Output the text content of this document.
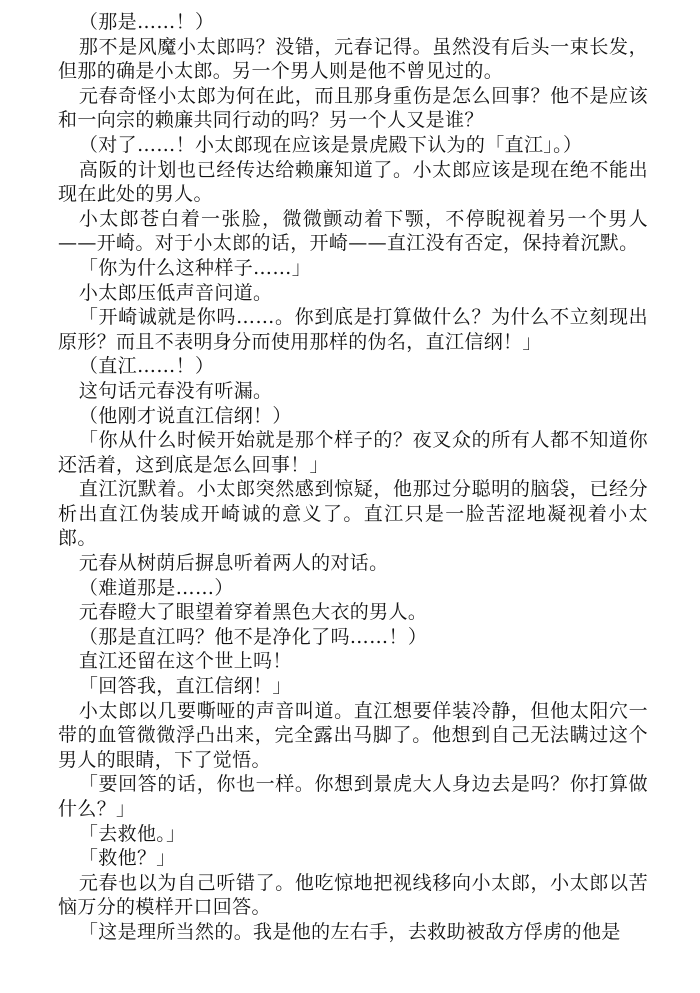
（那是……！）

那不是风魔小太郎吗？没错，元春记得。虽然没有后头一束长发，但那的确是小太郎。另一个男人则是他不曾见过的。

元春奇怪小太郎为何在此，而且那身重伤是怎么回事？他不是应该和一向宗的赖廉共同行动的吗？另一个人又是谁？

（对了……！小太郎现在应该是景虎殿下认为的「直江」。）

高阪的计划也已经传达给赖廉知道了。小太郎应该是现在绝不能出现在此处的男人。

小太郎苍白着一张脸，微微颤动着下颚，不停睨视着另一个男人——开崎。对于小太郎的话，开崎——直江没有否定，保持着沉默。

「你为什么这种样子……」

小太郎压低声音问道。

「开崎诚就是你吗……。你到底是打算做什么？为什么不立刻现出原形？而且不表明身分而使用那样的伪名，直江信纲！」

（直江……！）

这句话元春没有听漏。

（他刚才说直江信纲！）

「你从什么时候开始就是那个样子的？夜叉众的所有人都不知道你还活着，这到底是怎么回事！」

直江沉默着。小太郎突然感到惊疑，他那过分聪明的脑袋，已经分析出直江伪装成开崎诚的意义了。直江只是一脸苦涩地凝视着小太郎。

元春从树荫后摒息听着两人的对话。

（难道那是……）

元春瞪大了眼望着穿着黑色大衣的男人。

（那是直江吗？他不是净化了吗……！）

直江还留在这个世上吗！

「回答我，直江信纲！」

小太郎以几要嘶哑的声音叫道。直江想要佯装冷静，但他太阳穴一带的血管微微浮凸出来，完全露出马脚了。他想到自己无法瞒过这个男人的眼睛，下了觉悟。

「要回答的话，你也一样。你想到景虎大人身边去是吗？你打算做什么？」

「去救他。」

「救他？」

元春也以为自己听错了。他吃惊地把视线移向小太郎，小太郎以苦恼万分的模样开口回答。

「这是理所当然的。我是他的左右手，去救助被敌方俘虏的他是
